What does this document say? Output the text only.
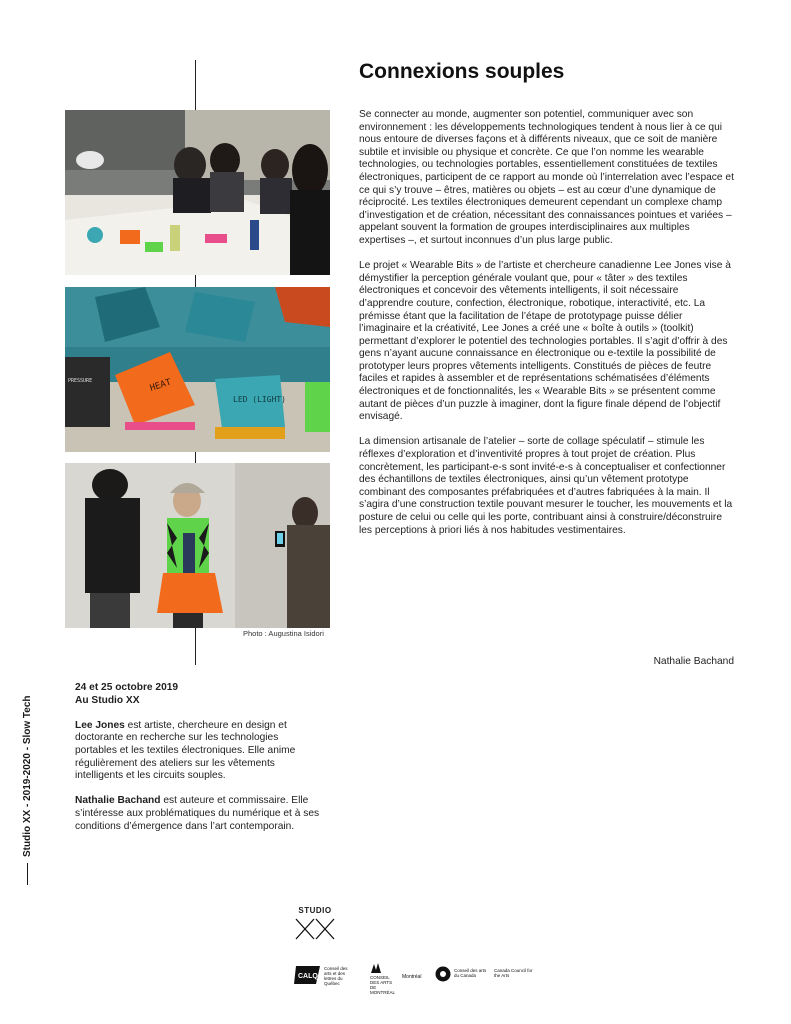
HEAT
LED (LIGHT)
PRESSURE
Photo : Augustina Isidori
Connexions souples

Se connecter au monde, augmenter son potentiel, communiquer avec son environnement : les développements technologiques tendent à nous lier à ce qui nous entoure de diverses façons et à différents niveaux, que ce soit de manière subtile et invisible ou physique et concrète. Ce que l’on nomme les wearable technologies, ou technologies portables, essentiellement constituées de textiles électroniques, participent de ce rapport au monde où l’interrelation avec l’espace et ce qui s’y trouve – êtres, matières ou objets – est au cœur d’une dynamique de réciprocité. Les textiles électroniques demeurent cependant un complexe champ d’investigation et de création, nécessitant des connaissances pointues et variées – appelant souvent la formation de groupes interdisciplinaires aux multiples expertises –, et surtout inconnues d’un plus large public.

Le projet « Wearable Bits » de l’artiste et chercheure canadienne Lee Jones vise à démystifier la perception générale voulant que, pour « tâter » des textiles électroniques et concevoir des vêtements intelligents, il soit nécessaire d’apprendre couture, confection, électronique, robotique, interactivité, etc. La prémisse étant que la facilitation de l’étape de prototypage puisse délier l’imaginaire et la créativité, Lee Jones a créé une « boîte à outils » (toolkit) permettant d’explorer le potentiel des technologies portables. Il s’agit d’offrir à des gens n’ayant aucune connaissance en électronique ou e-textile la possibilité de prototyper leurs propres vêtements intelligents. Constitués de pièces de feutre faciles et rapides à assembler et de représentations schématisées d’éléments électroniques et de fonctionnalités, les « Wearable Bits » se présentent comme autant de pièces d’un puzzle à imaginer, dont la figure finale dépend de l’objectif envisagé.

La dimension artisanale de l’atelier – sorte de collage spéculatif – stimule les réflexes d’exploration et d’inventivité propres à tout projet de création. Plus concrètement, les participant-e-s sont invité-e-s à conceptualiser et confectionner des échantillons de textiles électroniques, ainsi qu’un vêtement prototype combinant des composantes préfabriquées et d’autres fabriquées à la main. Il s’agira d’une construction textile pouvant mesurer le toucher, les mouvements et la posture de celui ou celle qui les porte, contribuant ainsi à construire/déconstruire les perceptions à priori liés à nos habitudes vestimentaires.

Nathalie Bachand
24 et 25 octobre 2019
Au Studio XX

Lee Jones est artiste, chercheure en design et doctorante en recherche sur les technologies portables et les textiles électroniques. Elle anime régulièrement des ateliers sur les vêtements intelligents et les circuits souples.

Nathalie Bachand est auteure et commissaire. Elle s’intéresse aux problématiques du numérique et à ses conditions d’émergence dans l’art contemporain.

Studio XX - 2019-2020 - Slow Tech
STUDIO
CALQ
Conseil des arts et des lettres du Québec
CONSEIL DES ARTS DE MONTRÉAL
Montréal
Conseil des arts du Canada
Canada Council for the Arts
